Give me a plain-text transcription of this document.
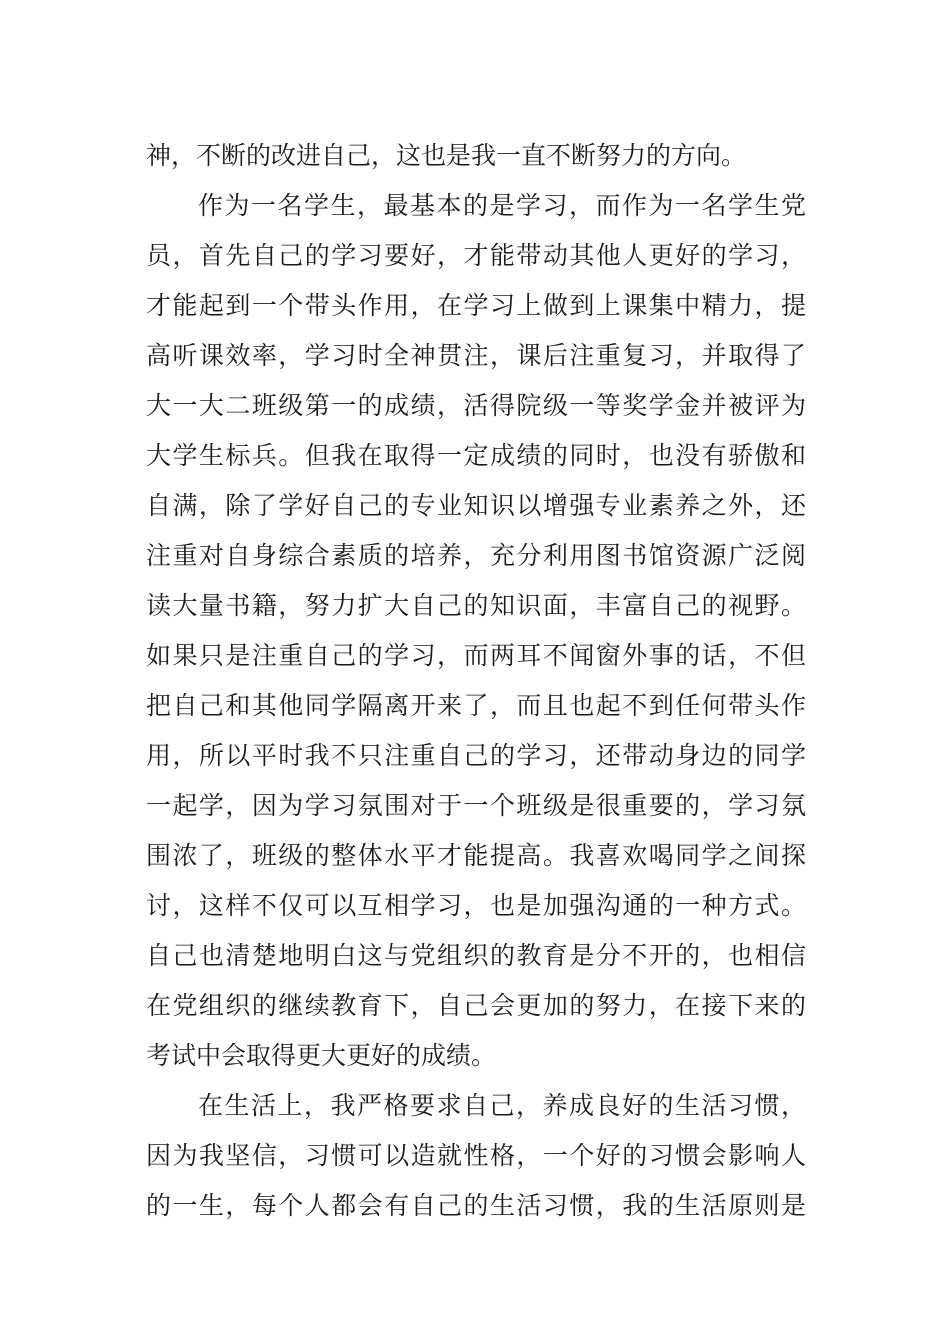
神，不断的改进自己，这也是我一直不断努力的方向。
作为一名学生，最基本的是学习，而作为一名学生党
员，首先自己的学习要好，才能带动其他人更好的学习，
才能起到一个带头作用，在学习上做到上课集中精力，提
高听课效率，学习时全神贯注，课后注重复习，并取得了
大一大二班级第一的成绩，活得院级一等奖学金并被评为
大学生标兵。但我在取得一定成绩的同时，也没有骄傲和
自满，除了学好自己的专业知识以增强专业素养之外，还
注重对自身综合素质的培养，充分利用图书馆资源广泛阅
读大量书籍，努力扩大自己的知识面，丰富自己的视野。
如果只是注重自己的学习，而两耳不闻窗外事的话，不但
把自己和其他同学隔离开来了，而且也起不到任何带头作
用，所以平时我不只注重自己的学习，还带动身边的同学
一起学，因为学习氛围对于一个班级是很重要的，学习氛
围浓了，班级的整体水平才能提高。我喜欢喝同学之间探
讨，这样不仅可以互相学习，也是加强沟通的一种方式。
自己也清楚地明白这与党组织的教育是分不开的，也相信
在党组织的继续教育下，自己会更加的努力，在接下来的
考试中会取得更大更好的成绩。
在生活上，我严格要求自己，养成良好的生活习惯，
因为我坚信，习惯可以造就性格，一个好的习惯会影响人
的一生，每个人都会有自己的生活习惯，我的生活原则是
